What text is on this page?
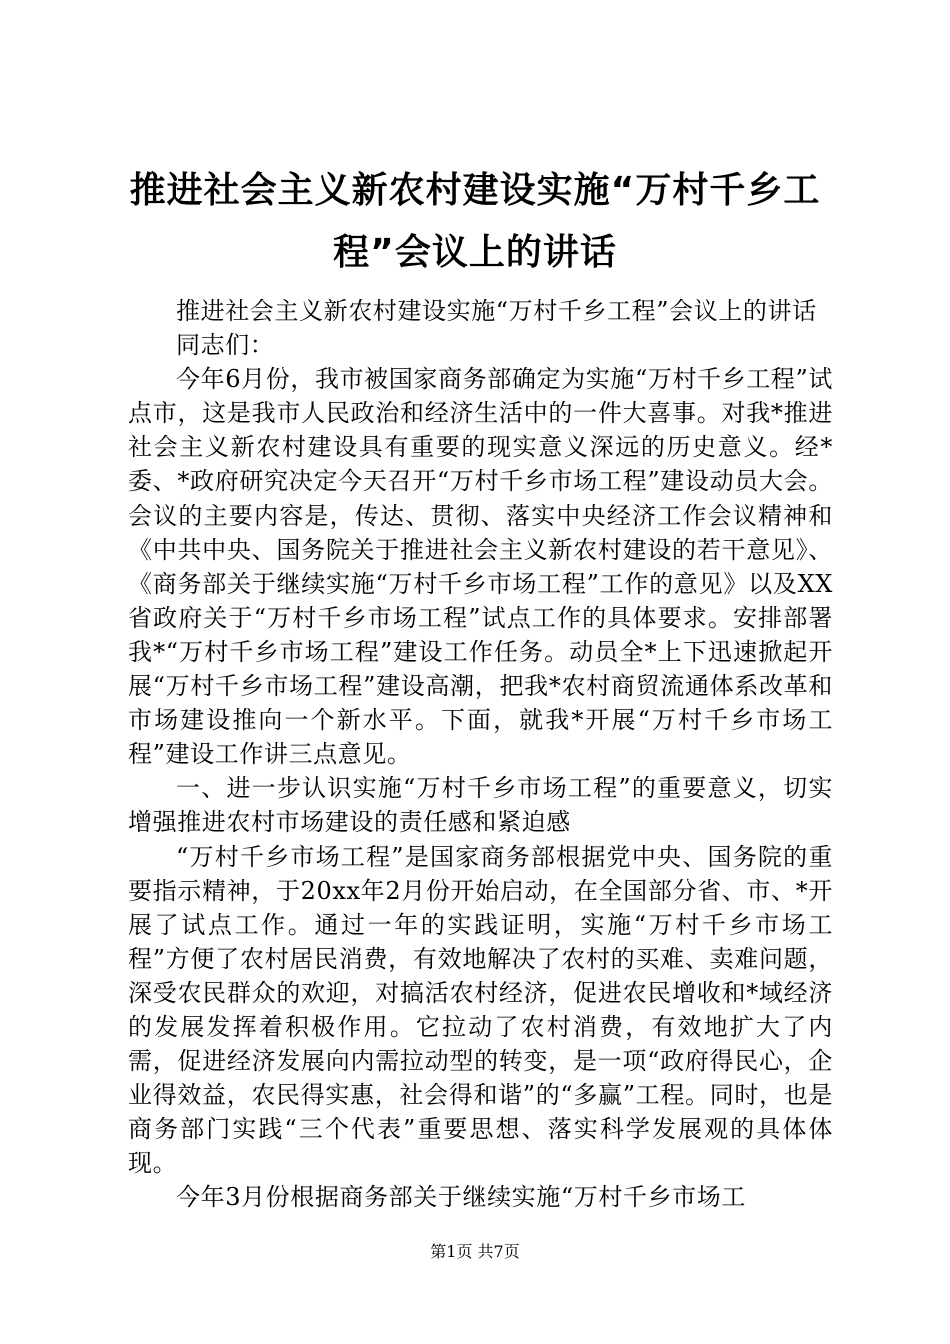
推进社会主义新农村建设实施“万村千乡工程”会议上的讲话

推进社会主义新农村建设实施“万村千乡工程”会议上的讲话

同志们：

今年6月份，我市被国家商务部确定为实施“万村千乡工程”试点市，这是我市人民政治和经济生活中的一件大喜事。对我*推进社会主义新农村建设具有重要的现实意义深远的历史意义。经*委、*政府研究决定今天召开“万村千乡市场工程”建设动员大会。会议的主要内容是，传达、贯彻、落实中央经济工作会议精神和《中共中央、国务院关于推进社会主义新农村建设的若干意见》、《商务部关于继续实施“万村千乡市场工程”工作的意见》以及XX省政府关于“万村千乡市场工程”试点工作的具体要求。安排部署我*“万村千乡市场工程”建设工作任务。动员全*上下迅速掀起开展“万村千乡市场工程”建设高潮，把我*农村商贸流通体系改革和市场建设推向一个新水平。下面，就我*开展“万村千乡市场工程”建设工作讲三点意见。

一、进一步认识实施“万村千乡市场工程”的重要意义，切实增强推进农村市场建设的责任感和紧迫感

“万村千乡市场工程”是国家商务部根据党中央、国务院的重要指示精神，于20xx年2月份开始启动，在全国部分省、市、*开展了试点工作。通过一年的实践证明，实施“万村千乡市场工程”方便了农村居民消费，有效地解决了农村的买难、卖难问题，深受农民群众的欢迎，对搞活农村经济，促进农民增收和*域经济的发展发挥着积极作用。它拉动了农村消费，有效地扩大了内需，促进经济发展向内需拉动型的转变，是一项“政府得民心，企业得效益，农民得实惠，社会得和谐”的“多赢”工程。同时，也是商务部门实践“三个代表”重要思想、落实科学发展观的具体体现。

今年3月份根据商务部关于继续实施“万村千乡市场工

第1页 共7页
